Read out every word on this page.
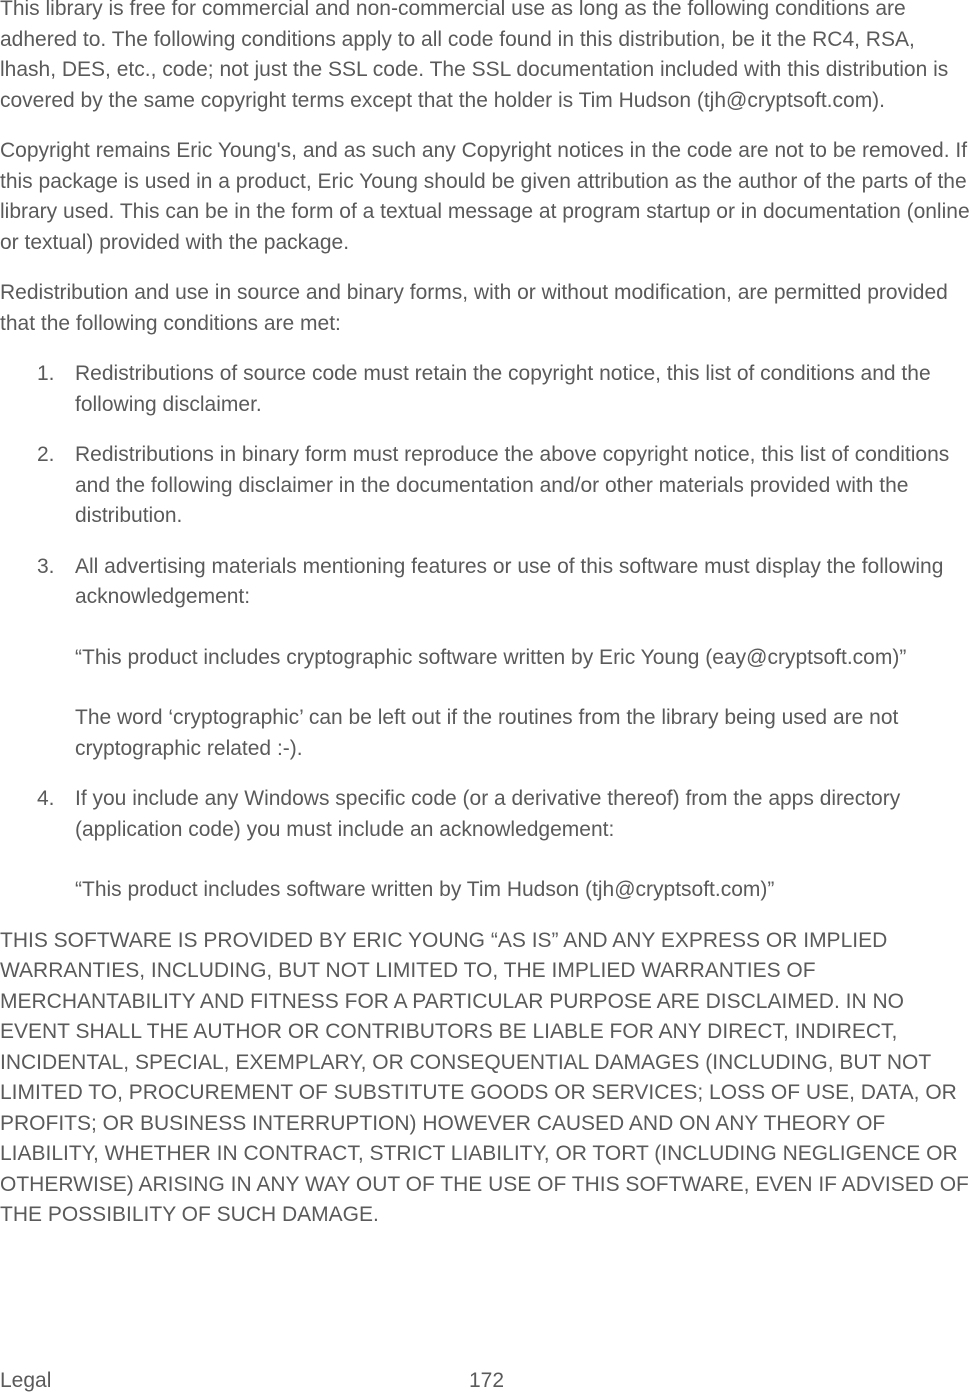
This library is free for commercial and non-commercial use as long as the following conditions are adhered to. The following conditions apply to all code found in this distribution, be it the RC4, RSA, lhash, DES, etc., code; not just the SSL code. The SSL documentation included with this distribution is covered by the same copyright terms except that the holder is Tim Hudson (tjh@cryptsoft.com).

Copyright remains Eric Young's, and as such any Copyright notices in the code are not to be removed. If this package is used in a product, Eric Young should be given attribution as the author of the parts of the library used. This can be in the form of a textual message at program startup or in documentation (online or textual) provided with the package.

Redistribution and use in source and binary forms, with or without modification, are permitted provided that the following conditions are met:

1. Redistributions of source code must retain the copyright notice, this list of conditions and the following disclaimer.

2. Redistributions in binary form must reproduce the above copyright notice, this list of conditions and the following disclaimer in the documentation and/or other materials provided with the distribution.

3. All advertising materials mentioning features or use of this software must display the following acknowledgement:

“This product includes cryptographic software written by Eric Young (eay@cryptsoft.com)”

The word ‘cryptographic’ can be left out if the routines from the library being used are not cryptographic related :-).

4. If you include any Windows specific code (or a derivative thereof) from the apps directory (application code) you must include an acknowledgement:

“This product includes software written by Tim Hudson (tjh@cryptsoft.com)”

THIS SOFTWARE IS PROVIDED BY ERIC YOUNG “AS IS” AND ANY EXPRESS OR IMPLIED WARRANTIES, INCLUDING, BUT NOT LIMITED TO, THE IMPLIED WARRANTIES OF MERCHANTABILITY AND FITNESS FOR A PARTICULAR PURPOSE ARE DISCLAIMED. IN NO EVENT SHALL THE AUTHOR OR CONTRIBUTORS BE LIABLE FOR ANY DIRECT, INDIRECT, INCIDENTAL, SPECIAL, EXEMPLARY, OR CONSEQUENTIAL DAMAGES (INCLUDING, BUT NOT LIMITED TO, PROCUREMENT OF SUBSTITUTE GOODS OR SERVICES; LOSS OF USE, DATA, OR PROFITS; OR BUSINESS INTERRUPTION) HOWEVER CAUSED AND ON ANY THEORY OF LIABILITY, WHETHER IN CONTRACT, STRICT LIABILITY, OR TORT (INCLUDING NEGLIGENCE OR OTHERWISE) ARISING IN ANY WAY OUT OF THE USE OF THIS SOFTWARE, EVEN IF ADVISED OF THE POSSIBILITY OF SUCH DAMAGE.

Legal	172
